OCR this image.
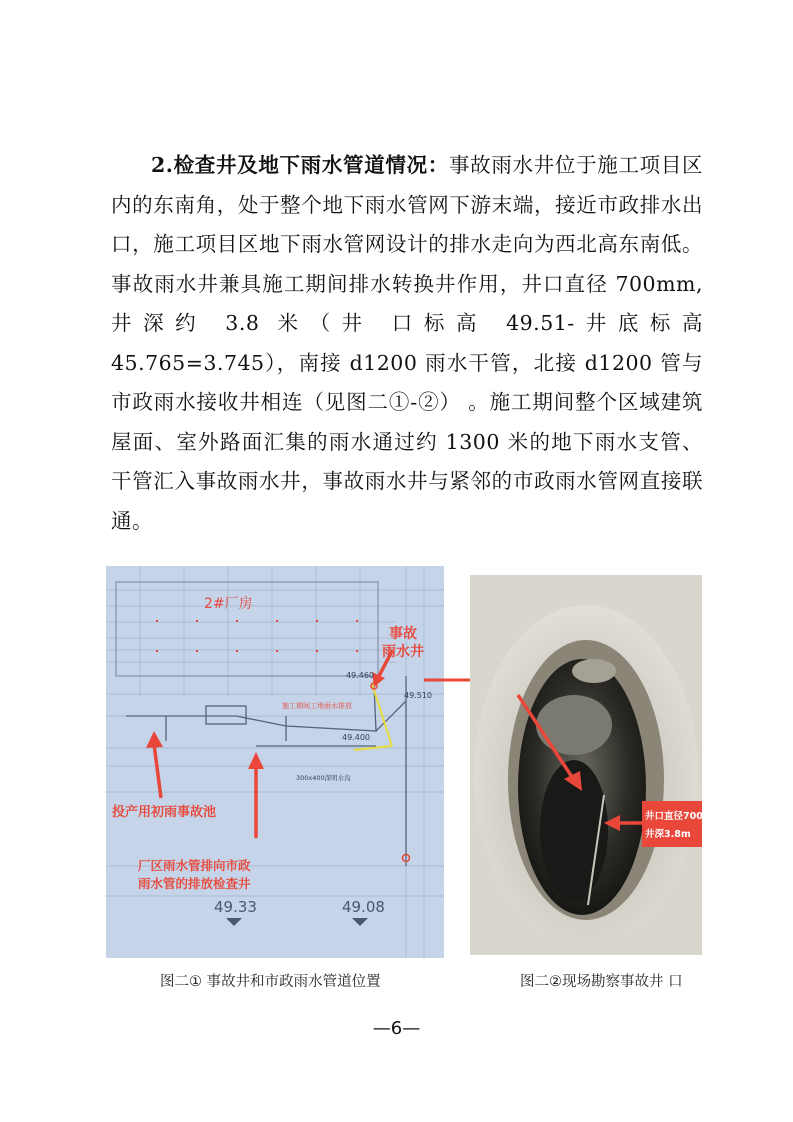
2.检查井及地下雨水管道情况：事故雨水井位于施工项目区内的东南角，处于整个地下雨水管网下游末端，接近市政排水出 口，施工项目区地下雨水管网设计的排水走向为西北高东南低。事故雨水井兼具施工期间排水转换井作用，井口直径 700mm,井深约 3.8 米（井 口标高 49.51-井底标高 45.765=3.745），南接 d1200 雨水干管，北接 d1200 管与市政雨水接收井相连（见图二①-②） 。施工期间整个区域建筑屋面、室外路面汇集的雨水通过约 1300 米的地下雨水支管、干管汇入事故雨水井，事故雨水井与紧邻的市政雨水管网直接联通。

2#厂房
事故
雨水井
49.460
49.510
49.400
施工期间工地雨水排放
300x400深明水沟
投产用初雨事故池
厂区雨水管排向市政
雨水管的排放检查井
49.33	49.08
井口直径700mm
井深3.8m
图二① 事故井和市政雨水管道位置	图二②现场勘察事故井 口
—6—
